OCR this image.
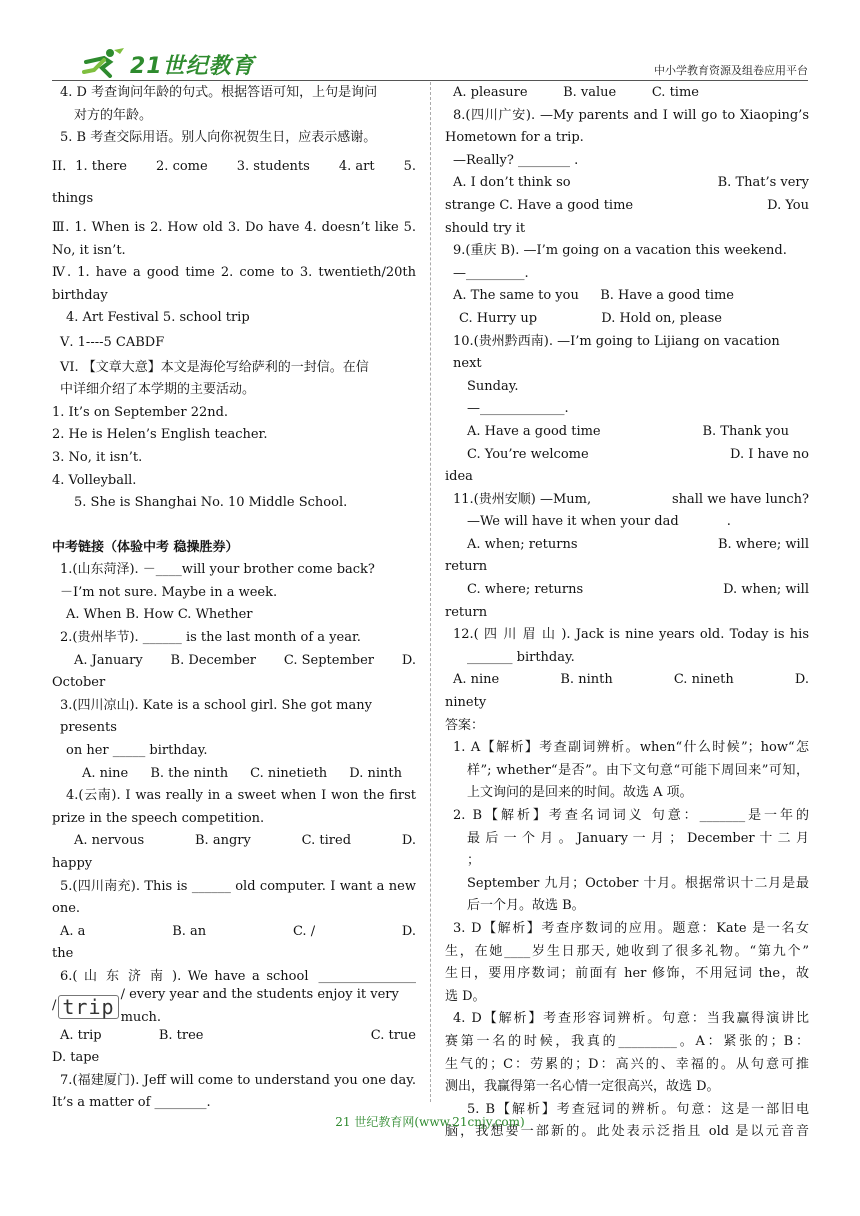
21世纪教育	中小学教育资源及组卷应用平台

4. D 考查询问年龄的句式。根据答语可知，上句是询问

对方的年龄。

5. B 考查交际用语。别人向你祝贺生日，应表示感谢。

II．1. there 2. come 3. students 4. art 5.

things

Ⅲ. 1. When is 2. How old 3. Do have 4. doesn’t like 5.

No, it isn’t.

Ⅳ. 1. have a good time 2. come to 3. twentieth/20th

birthday

4. Art Festival 5. school trip

Ⅴ. 1----5 CABDF

VI. 【文章大意】本文是海伦写给萨利的一封信。在信

中详细介绍了本学期的主要活动。

1. It’s on September 22nd.

2. He is Helen’s English teacher.

3. No, it isn’t.

4. Volleyball.

5. She is Shanghai No. 10 Middle School.

中考链接（体验中考 稳操胜券）

1.(山东菏泽). －____will your brother come back?

－I’m not sure. Maybe in a week.

A. When B. How C. Whether

2.(贵州毕节). ______ is the last month of a year.

A. January B. December C. September D.

October

3.(四川凉山). Kate is a school girl. She got many presents

on her _____ birthday.

A. nine B. the ninth C. ninetieth D. ninth

4.(云南). I was really in a sweet when I won the first

prize in the speech competition.

A. nervous	B. angry	C. tired	D.

happy

5.(四川南充). This is ______ old computer. I want a new

one.

A. a	B. an	C. /	D.

the

6.( 山 东 济 南 ). We have a school _______________
/ trip
/ every year and the students enjoy it very much.
A. trip	B. tree	C. true

D. tape

7.(福建厦门). Jeff will come to understand you one day.

It’s a matter of ________.

A. pleasure	B. value	C. time

8.(四川广安). —My parents and I will go to Xiaoping’s

Hometown for a trip.

—Really? ________ .

A. I don’t think so	B. That’s very
strange C. Have a good time	D. You

should try it

9.(重庆 B). —I’m going on a vacation this weekend.

—_________.

A. The same to you B. Have a good time
C. Hurry up	D. Hold on, please

10.(贵州黔西南). —I’m going to Lijiang on vacation next

Sunday.

—_____________.

A. Have a good time	B. Thank you
C. You’re welcome	D. I have no

idea

11.(贵州安顺) —Mum,	shall we have lunch?
—We will have it when your dad	.
A. when; returns	B. where; will

return

C. where; returns	D. when; will

return

12.( 四 川 眉 山 ). Jack is nine years old. Today is his

_______ birthday.

A. nine	B. ninth	C. nineth	D.

ninety

答案：

1. A【解析】考查副词辨析。when“什么时候”；how“怎

样”; whether“是否”。由下文句意“可能下周回来”可知，

上文询问的是回来的时间。故选 A 项。

2. B【解析】考查名词词义 句意：_______是一年的

最 后 一 个 月 。 January 一 月 ； December 十 二 月 ；

September 九月；October 十月。根据常识十二月是最

后一个月。故选 B。

3. D【解析】考查序数词的应用。题意：Kate 是一名女

生，在她____岁生日那天, 她收到了很多礼物。“第九个”

生日，要用序数词；前面有 her 修饰，不用冠词 the，故

选 D。

4. D【解析】考查形容词辨析。句意：当我赢得演讲比

赛第一名的时候，我真的_________。A：紧张的；B：

生气的；C：劳累的；D：高兴的、幸福的。从句意可推

测出，我赢得第一名心情一定很高兴，故选 D。

5. B【解析】考查冠词的辨析。句意：这是一部旧电

脑，我想要一部新的。此处表示泛指且 old 是以元音音

21 世纪教育网(www.21cnjy.com)
